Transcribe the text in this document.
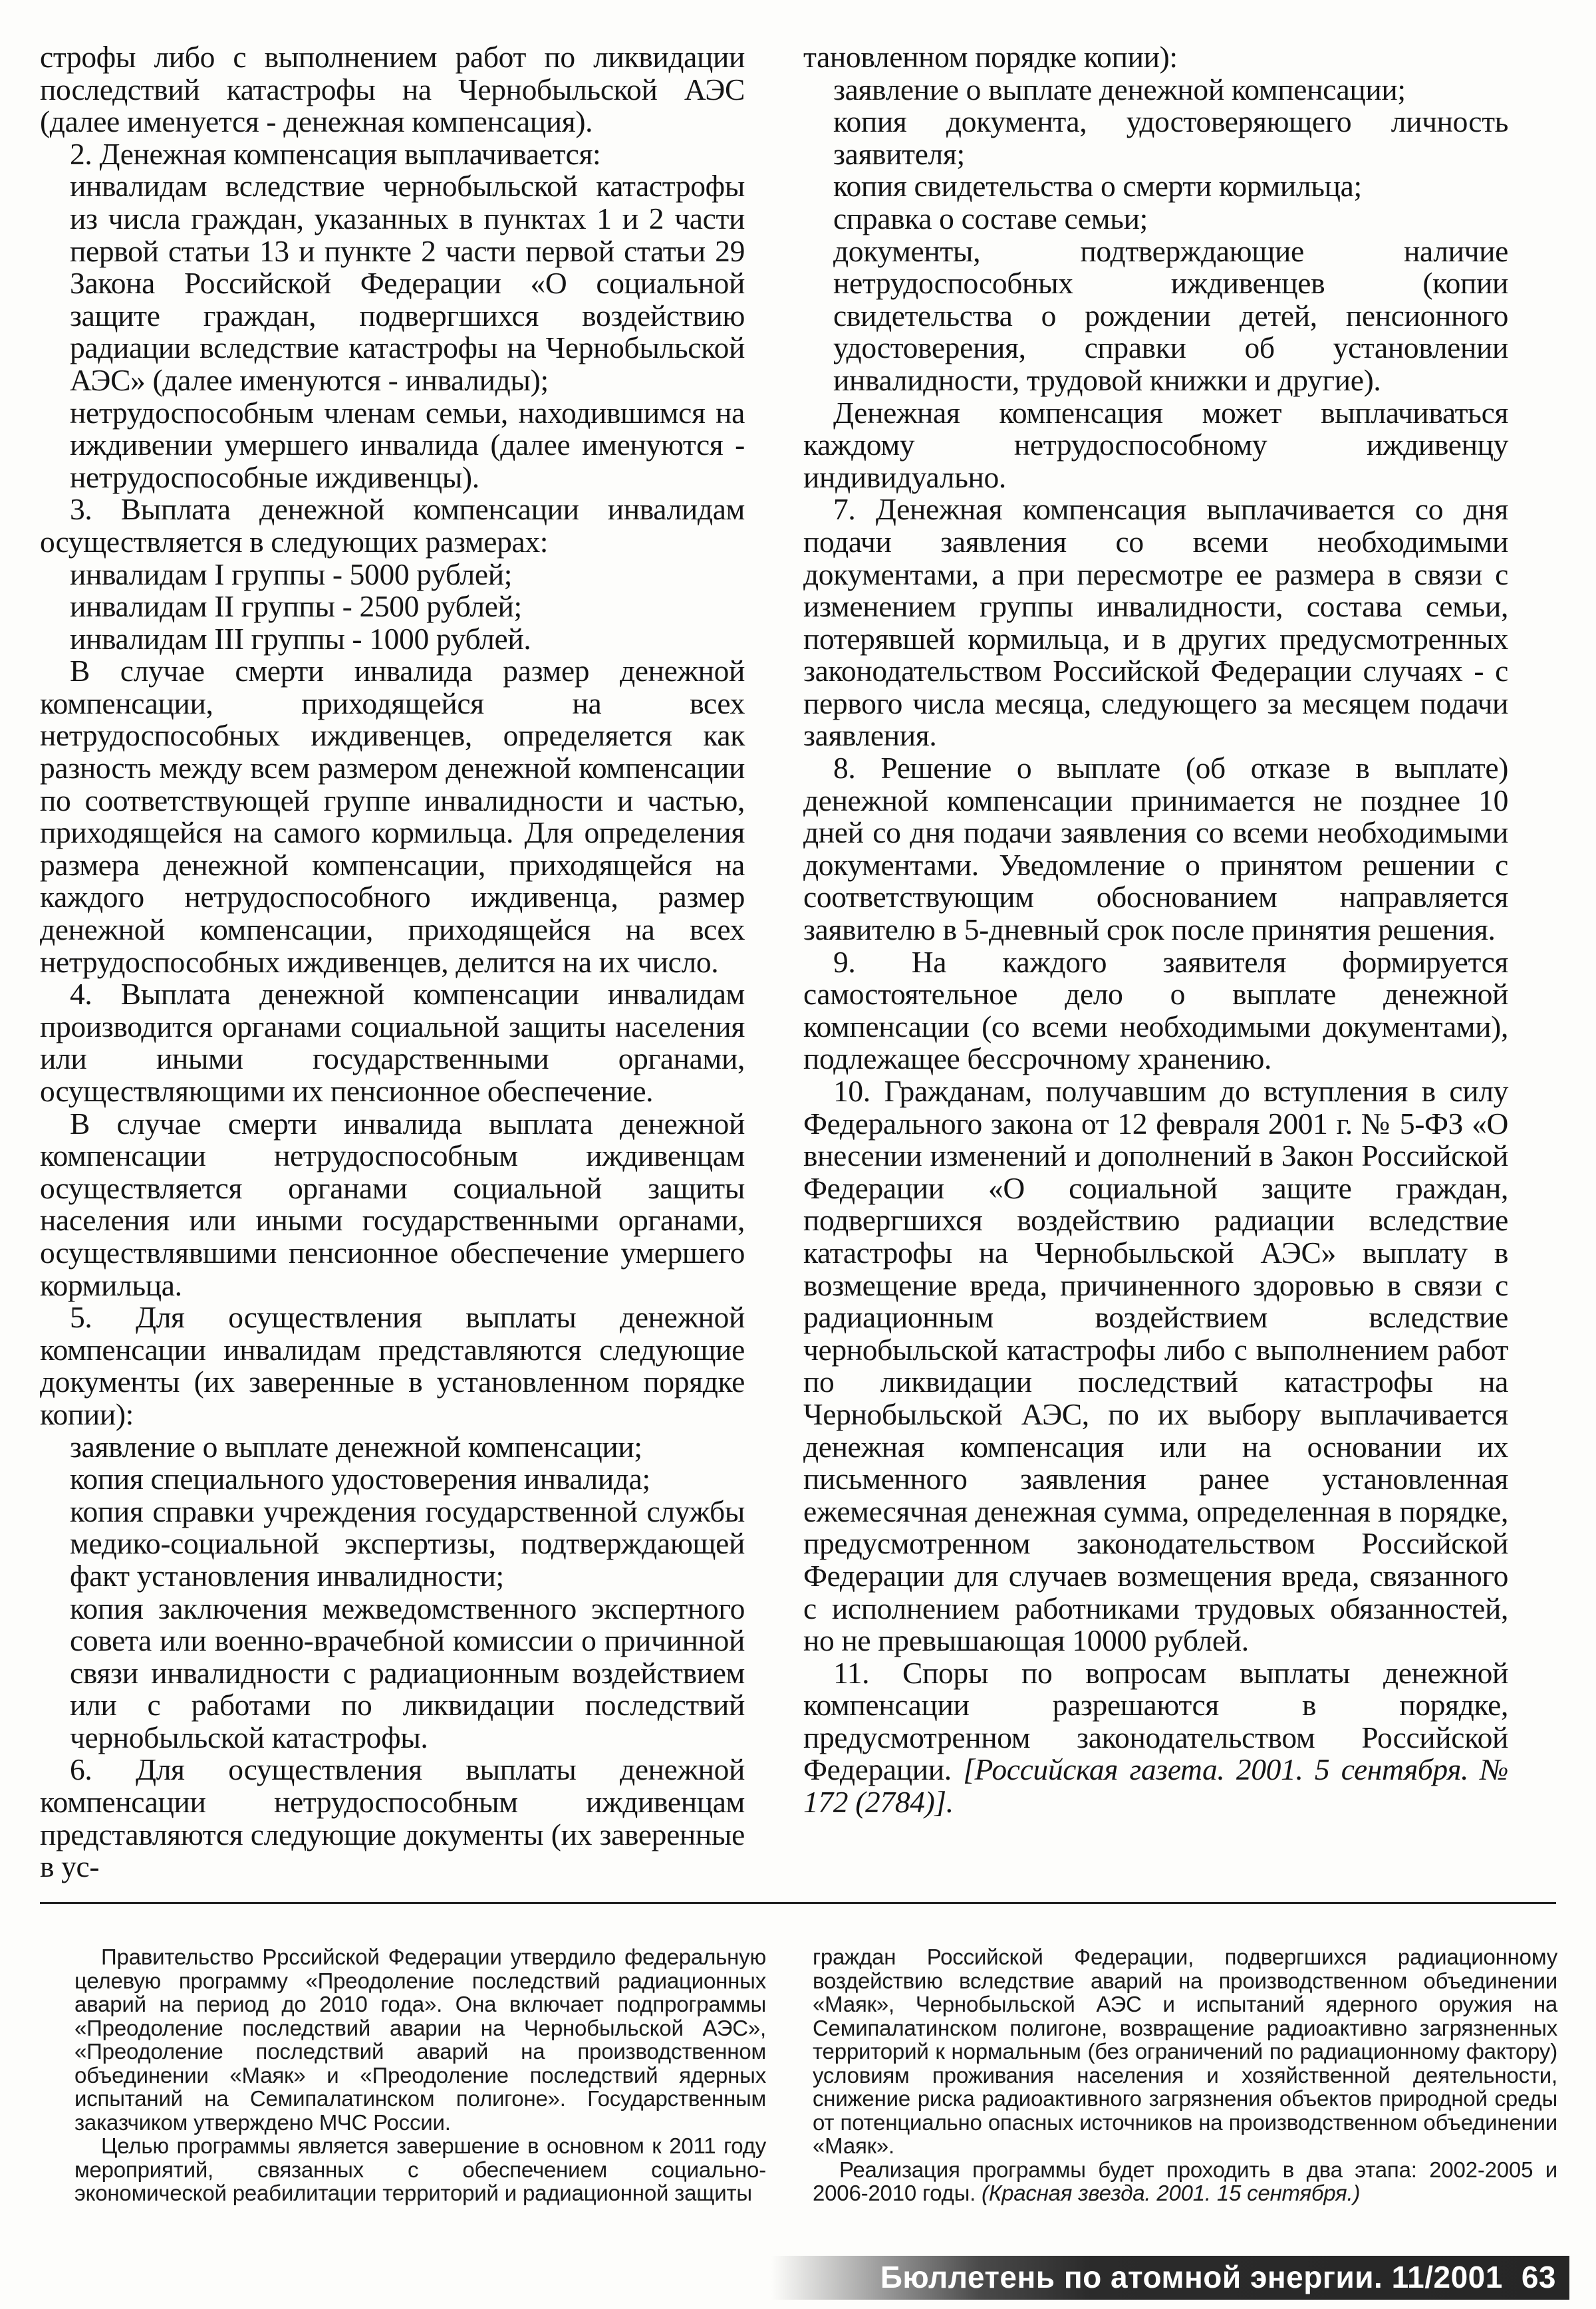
строфы либо с выполнением работ по ликвидации последствий катастрофы на Чернобыльской АЭС (далее именуется - денежная компенсация).

2. Денежная компенсация выплачивается:

инвалидам вследствие чернобыльской катастрофы из числа граждан, указанных в пунктах 1 и 2 части первой статьи 13 и пункте 2 части первой статьи 29 Закона Российской Федерации «О социальной защите граждан, подвергшихся воздействию радиации вследствие катастрофы на Чернобыльской АЭС» (далее именуются - инвалиды);

нетрудоспособным членам семьи, находившимся на иждивении умершего инвалида (далее именуются - нетрудоспособные иждивенцы).

3. Выплата денежной компенсации инвалидам осуществляется в следующих размерах:

инвалидам I группы - 5000 рублей;

инвалидам II группы - 2500 рублей;

инвалидам III группы - 1000 рублей.

В случае смерти инвалида размер денежной компенсации, приходящейся на всех нетрудоспособных иждивенцев, определяется как разность между всем размером денежной компенсации по соответствующей группе инвалидности и частью, приходящейся на самого кормильца. Для определения размера денежной компенсации, приходящейся на каждого нетрудоспособного иждивенца, размер денежной компенсации, приходящейся на всех нетрудоспособных иждивенцев, делится на их число.

4. Выплата денежной компенсации инвалидам производится органами социальной защиты населения или иными государственными органами, осуществляющими их пенсионное обеспечение.

В случае смерти инвалида выплата денежной компенсации нетрудоспособным иждивенцам осуществляется органами социальной защиты населения или иными государственными органами, осуществлявшими пенсионное обеспечение умершего кормильца.

5. Для осуществления выплаты денежной компенсации инвалидам представляются следующие документы (их заверенные в установленном порядке копии):

заявление о выплате денежной компенсации;

копия специального удостоверения инвалида;

копия справки учреждения государственной службы медико-социальной экспертизы, подтверждающей факт установления инвалидности;

копия заключения межведомственного экспертного совета или военно-врачебной комиссии о причинной связи инвалидности с радиационным воздействием или с работами по ликвидации последствий чернобыльской катастрофы.

6. Для осуществления выплаты денежной компенсации нетрудоспособным иждивенцам представляются следующие документы (их заверенные в ус-

тановленном порядке копии):

заявление о выплате денежной компенсации;

копия документа, удостоверяющего личность заявителя;

копия свидетельства о смерти кормильца;

справка о составе семьи;

документы, подтверждающие наличие нетрудоспособных иждивенцев (копии свидетельства о рождении детей, пенсионного удостоверения, справки об установлении инвалидности, трудовой книжки и другие).

Денежная компенсация может выплачиваться каждому нетрудоспособному иждивенцу индивидуально.

7. Денежная компенсация выплачивается со дня подачи заявления со всеми необходимыми документами, а при пересмотре ее размера в связи с изменением группы инвалидности, состава семьи, потерявшей кормильца, и в других предусмотренных законодательством Российской Федерации случаях - с первого числа месяца, следующего за месяцем подачи заявления.

8. Решение о выплате (об отказе в выплате) денежной компенсации принимается не позднее 10 дней со дня подачи заявления со всеми необходимыми документами. Уведомление о принятом решении с соответствующим обоснованием направляется заявителю в 5-дневный срок после принятия решения.

9. На каждого заявителя формируется самостоятельное дело о выплате денежной компенсации (со всеми необходимыми документами), подлежащее бессрочному хранению.

10. Гражданам, получавшим до вступления в силу Федерального закона от 12 февраля 2001 г. № 5-ФЗ «О внесении изменений и дополнений в Закон Российской Федерации «О социальной защите граждан, подвергшихся воздействию радиации вследствие катастрофы на Чернобыльской АЭС» выплату в возмещение вреда, причиненного здоровью в связи с радиационным воздействием вследствие чернобыльской катастрофы либо с выполнением работ по ликвидации последствий катастрофы на Чернобыльской АЭС, по их выбору выплачивается денежная компенсация или на основании их письменного заявления ранее установленная ежемесячная денежная сумма, определенная в порядке, предусмотренном законодательством Российской Федерации для случаев возмещения вреда, связанного с исполнением работниками трудовых обязанностей, но не превышающая 10000 рублей.

11. Споры по вопросам выплаты денежной компенсации разрешаются в порядке, предусмотренном законодательством Российской Федерации. [Российская газета. 2001. 5 сентября. № 172 (2784)].

Правительство Ррссийской Федерации утвердило федеральную целевую программу «Преодоление последствий радиационных аварий на период до 2010 года». Она включает подпрограммы «Преодоление последствий аварии на Чернобыльской АЭС», «Преодоление последствий аварий на производственном объединении «Маяк» и «Преодоление последствий ядерных испытаний на Семипалатинском полигоне». Государственным заказчиком утверждено МЧС России.

Целью программы является завершение в основном к 2011 году мероприятий, связанных с обеспечением социально-экономической реабилитации территорий и радиационной защиты

граждан Российской Федерации, подвергшихся радиационному воздействию вследствие аварий на производственном объединении «Маяк», Чернобыльской АЭС и испытаний ядерного оружия на Семипалатинском полигоне, возвращение радиоактивно загрязненных территорий к нормальным (без ограничений по радиационному фактору) условиям проживания населения и хозяйственной деятельности, снижение риска радиоактивного загрязнения объектов природной среды от потенциально опасных источников на производственном объединении «Маяк».

Реализация программы будет проходить в два этапа: 2002-2005 и 2006-2010 годы. (Красная звезда. 2001. 15 сентября.)

Бюллетень по атомной энергии. 11/2001 63
